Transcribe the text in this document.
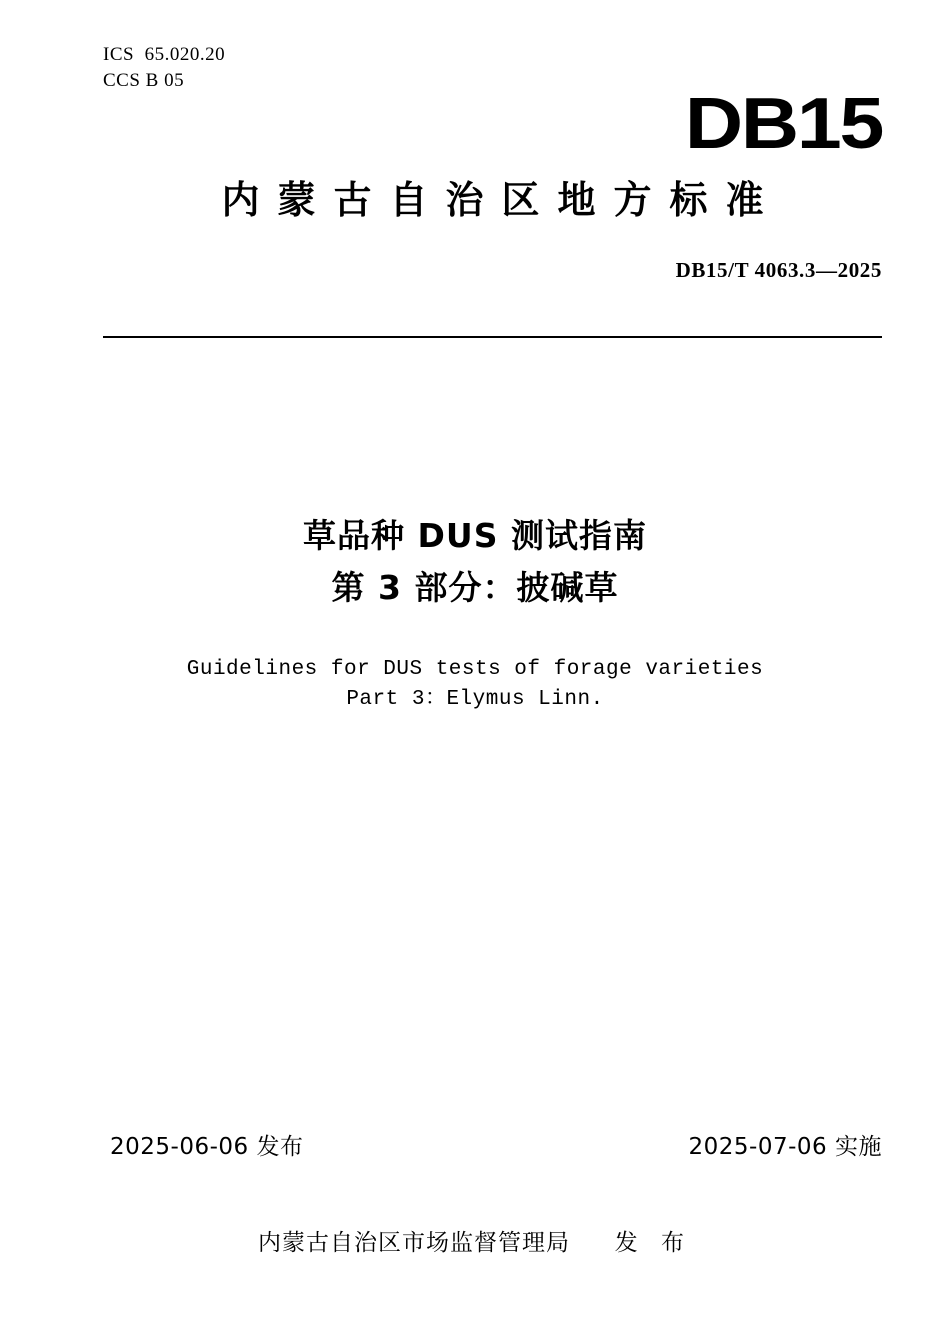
ICS  65.020.20
CCS B 05
DB15
内蒙古自治区地方标准
DB15/T 4063.3—2025
草品种 DUS 测试指南
第 3 部分：披碱草
Guidelines for DUS tests of forage varieties
Part 3：Elymus Linn.
2025-06-06 发布	2025-07-06 实施
内蒙古自治区市场监督管理局 发 布
